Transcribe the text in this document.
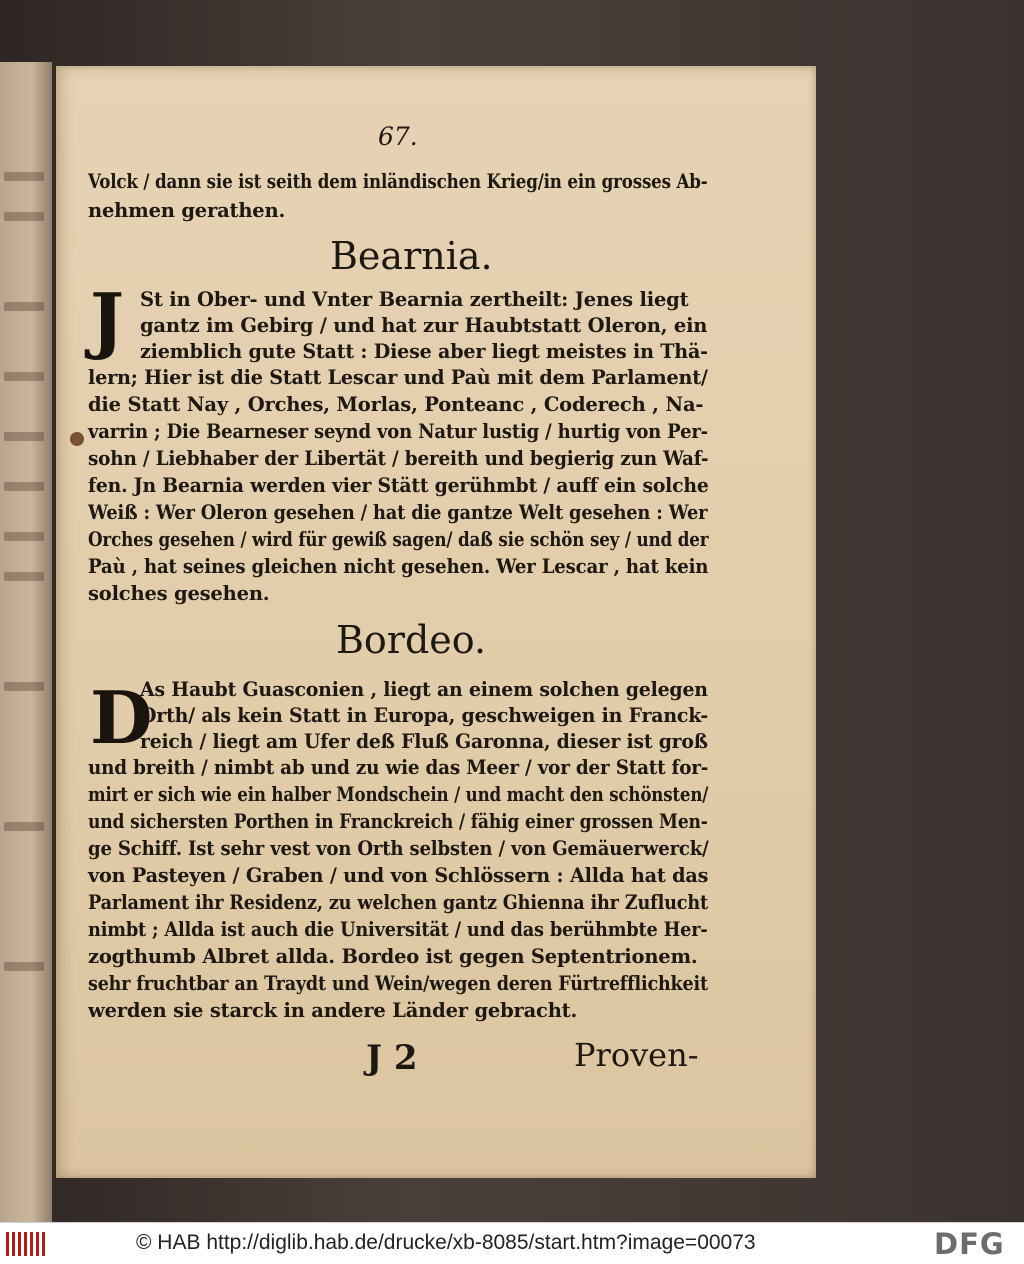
67.
Volck / dann sie ist seith dem inländischen Krieg/in ein grosses Ab-
nehmen gerathen.
Bearnia.
J St in Ober- und Vnter Bearnia zertheilt: Jenes liegt
gantz im Gebirg / und hat zur Haubtstatt Oleron, ein
ziemblich gute Statt : Diese aber liegt meistes in Thä-
lern; Hier ist die Statt Lescar und Paù mit dem Parlament/
die Statt Nay , Orches, Morlas, Ponteanc , Coderech , Na-
varrin ; Die Bearneser seynd von Natur lustig / hurtig von Per-
sohn / Liebhaber der Libertät / bereith und begierig zun Waf-
fen. Jn Bearnia werden vier Stätt gerühmbt / auff ein solche
Weiß : Wer Oleron gesehen / hat die gantze Welt gesehen : Wer
Orches gesehen / wird für gewiß sagen/ daß sie schön sey / und der
Paù , hat seines gleichen nicht gesehen. Wer Lescar , hat kein
solches gesehen.
Bordeo.
D
As Haubt Guasconien , liegt an einem solchen gelegen
Orth/ als kein Statt in Europa, geschweigen in Franck-
reich / liegt am Ufer deß Fluß Garonna, dieser ist groß
und breith / nimbt ab und zu wie das Meer / vor der Statt for-
mirt er sich wie ein halber Mondschein / und macht den schönsten/
und sichersten Porthen in Franckreich / fähig einer grossen Men-
ge Schiff. Ist sehr vest von Orth selbsten / von Gemäuerwerck/
von Pasteyen / Graben / und von Schlössern : Allda hat das
Parlament ihr Residenz, zu welchen gantz Ghienna ihr Zuflucht
nimbt ; Allda ist auch die Universität / und das berühmbte Her-
zogthumb Albret allda. Bordeo ist gegen Septentrionem.
sehr fruchtbar an Traydt und Wein/wegen deren Fürtrefflichkeit
werden sie starck in andere Länder gebracht.
J 2	Proven-
© HAB http://diglib.hab.de/drucke/xb-8085/start.htm?image=00073	DFG
